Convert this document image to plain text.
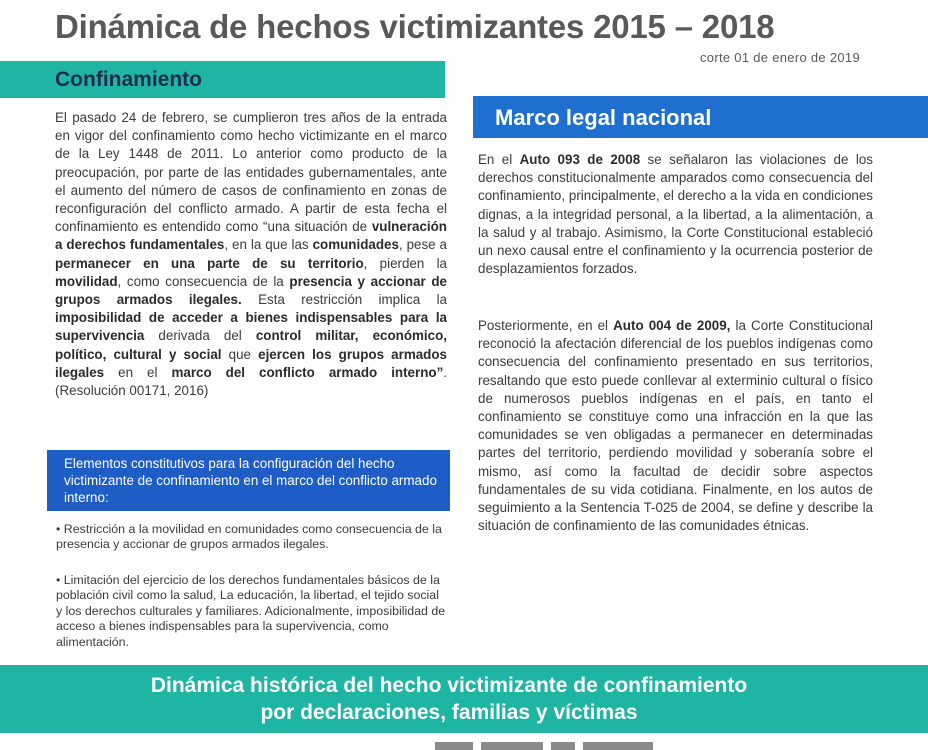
Dinámica de hechos victimizantes 2015 – 2018
corte 01 de enero de 2019
Confinamiento
El pasado 24 de febrero, se cumplieron tres años de la entrada en vigor del confinamiento como hecho victimizante en el marco de la Ley 1448 de 2011. Lo anterior como producto de la preocupación, por parte de las entidades gubernamentales, ante el aumento del número de casos de confinamiento en zonas de reconfiguración del conflicto armado. A partir de esta fecha el confinamiento es entendido como “una situación de vulneración a derechos fundamentales, en la que las comunidades, pese a permanecer en una parte de su territorio, pierden la movilidad, como consecuencia de la presencia y accionar de grupos armados ilegales. Esta restricción implica la imposibilidad de acceder a bienes indispensables para la supervivencia derivada del control militar, económico, político, cultural y social que ejercen los grupos armados ilegales en el marco del conflicto armado interno”. (Resolución 00171, 2016)
Elementos constitutivos para la configuración del hecho victimizante de confinamiento en el marco del conflicto armado interno:
• Restricción a la movilidad en comunidades como consecuencia de la presencia y accionar de grupos armados ilegales.
• Limitación del ejercicio de los derechos fundamentales básicos de la población civil como la salud, La educación, la libertad, el tejido social y los derechos culturales y familiares. Adicionalmente, imposibilidad de acceso a bienes indispensables para la supervivencia, como alimentación.
Marco legal nacional
En el Auto 093 de 2008 se señalaron las violaciones de los derechos constitucionalmente amparados como consecuencia del confinamiento, principalmente, el derecho a la vida en condiciones dignas, a la integridad personal, a la libertad, a la alimentación, a la salud y al trabajo. Asimismo, la Corte Constitucional estableció un nexo causal entre el confinamiento y la ocurrencia posterior de desplazamientos forzados.
Posteriormente, en el Auto 004 de 2009, la Corte Constitucional reconoció la afectación diferencial de los pueblos indígenas como consecuencia del confinamiento presentado en sus territorios, resaltando que esto puede conllevar al exterminio cultural o físico de numerosos pueblos indígenas en el país, en tanto el confinamiento se constituye como una infracción en la que las comunidades se ven obligadas a permanecer en determinadas partes del territorio, perdiendo movilidad y soberanía sobre el mismo, así como la facultad de decidir sobre aspectos fundamentales de su vida cotidiana. Finalmente, en los autos de seguimiento a la Sentencia T-025 de 2004, se define y describe la situación de confinamiento de las comunidades étnicas.
Dinámica histórica del hecho victimizante de confinamiento
por declaraciones, familias y víctimas
